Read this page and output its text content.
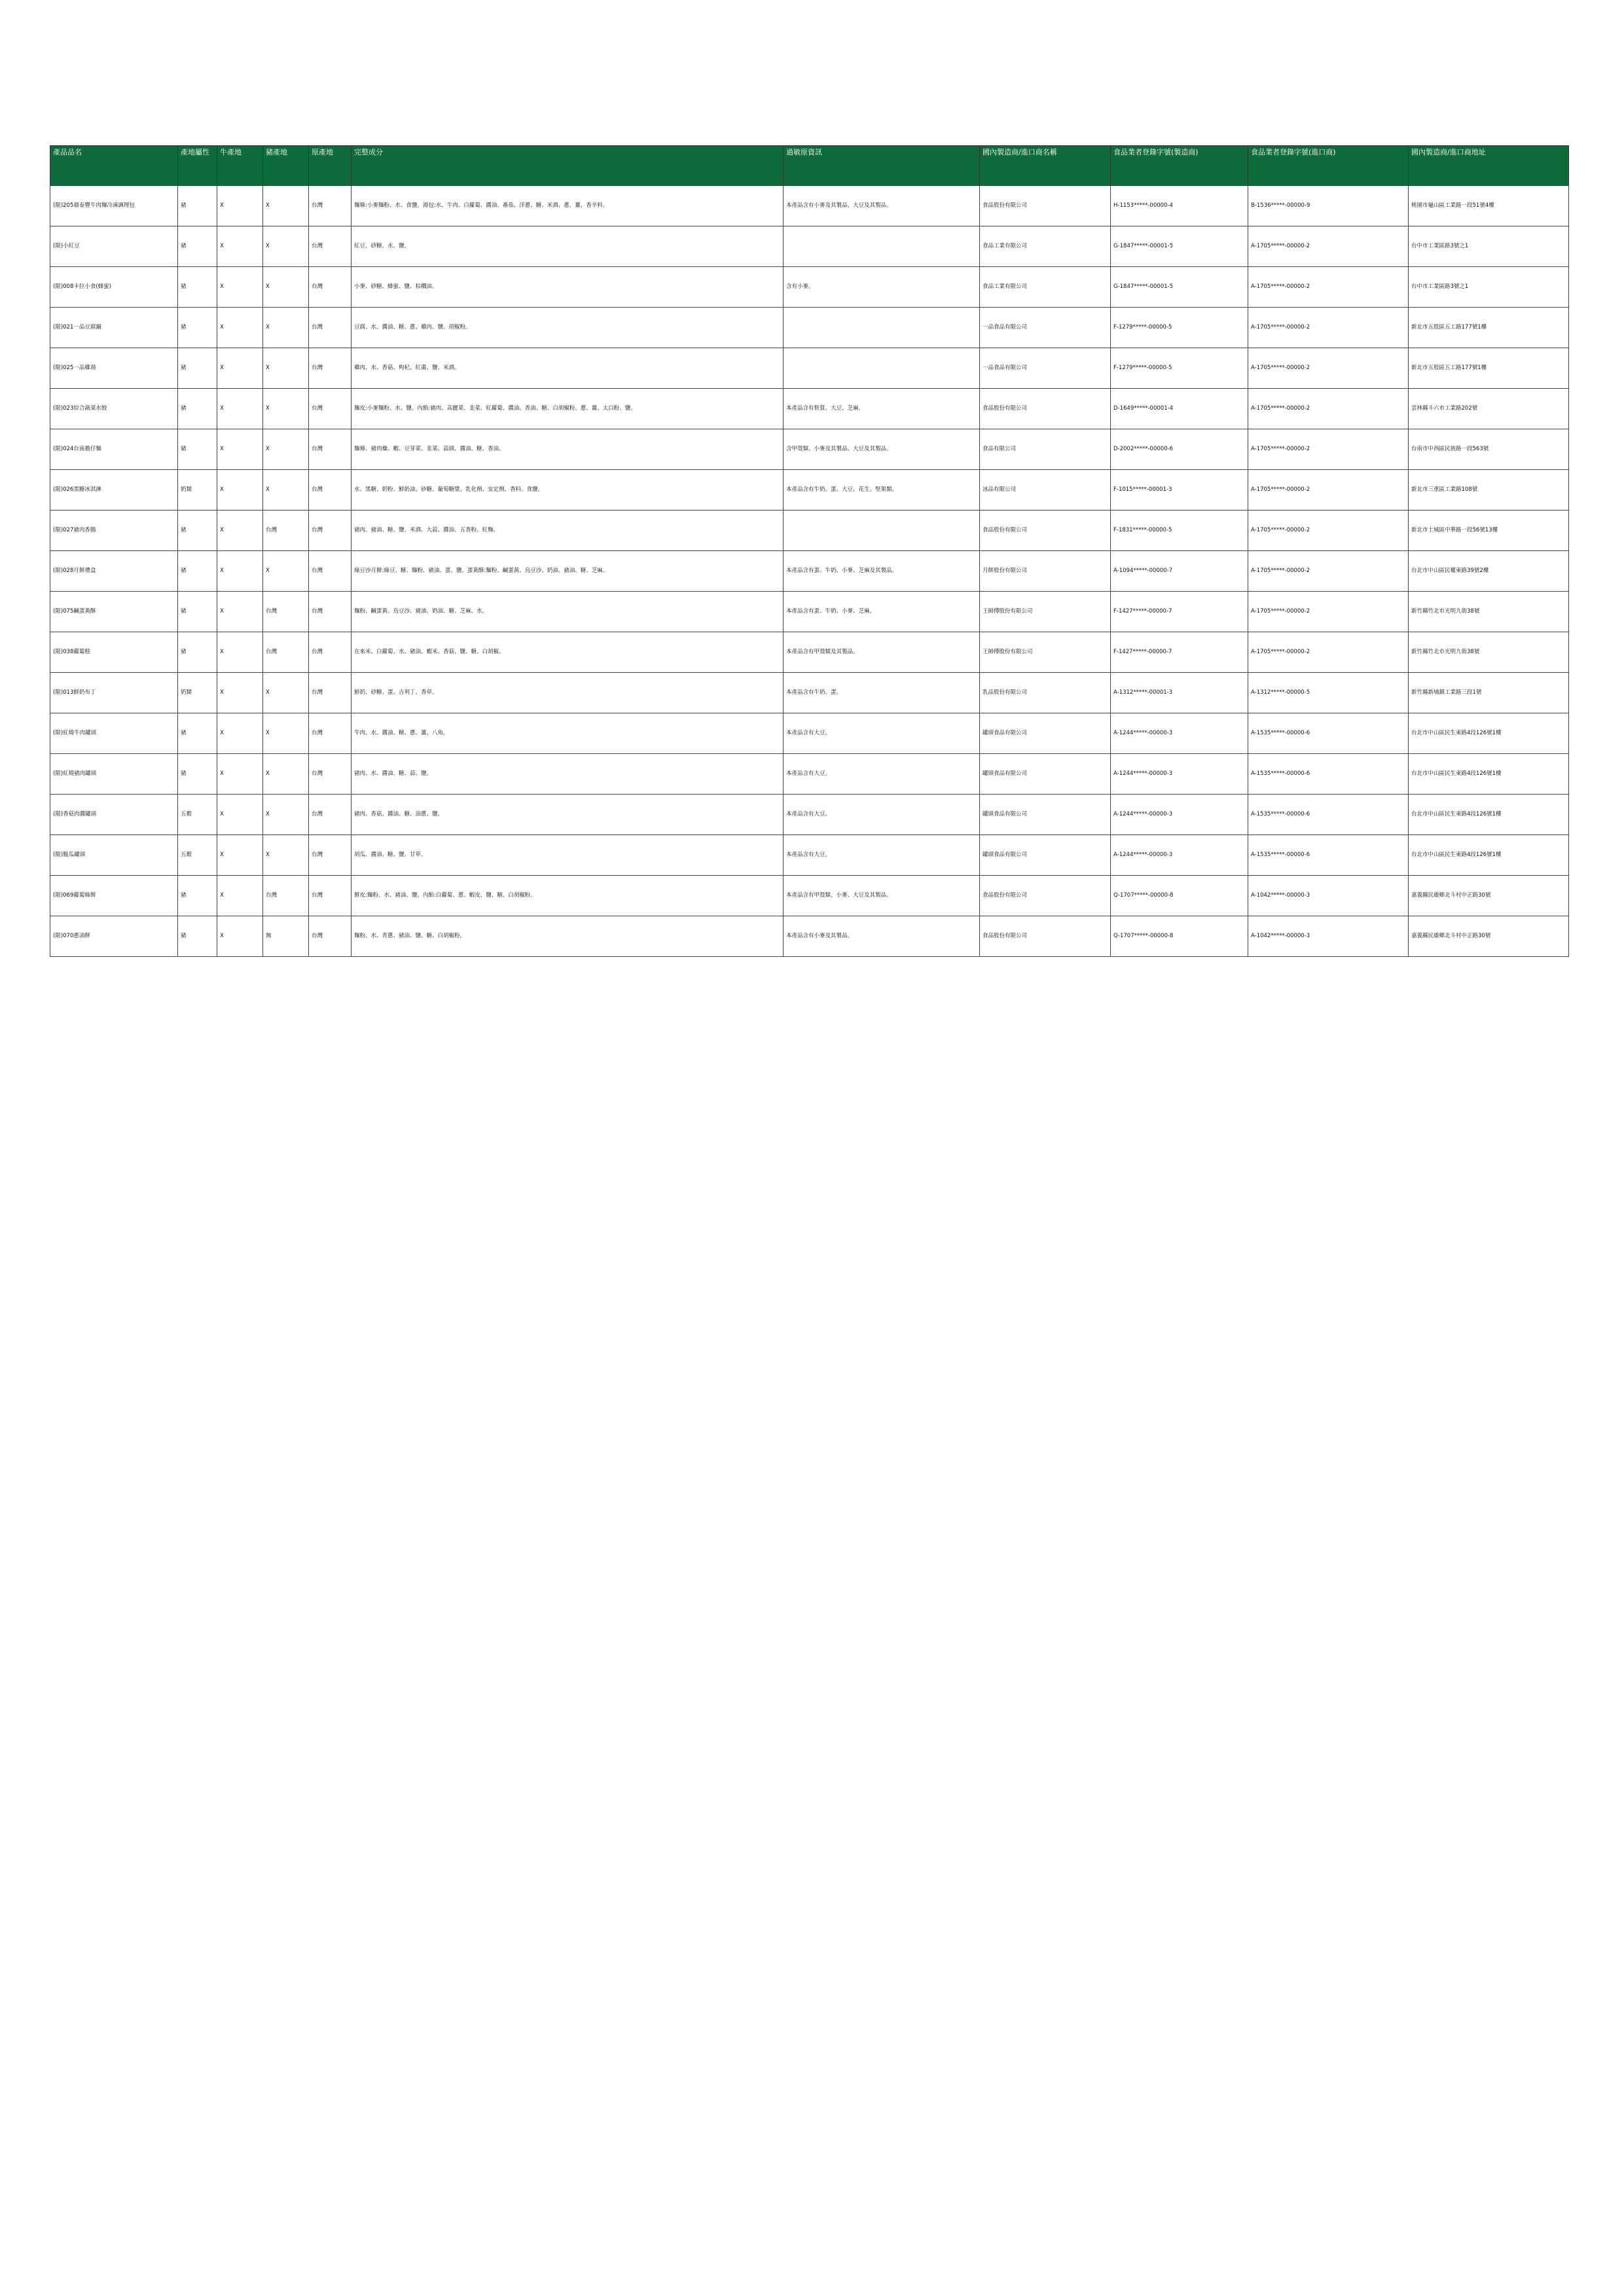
產品品名	產地屬性	牛產地	豬產地	原產地	完整成分	過敏原資訊	國內製造商/進口商名稱	食品業者登錄字號(製造商)	食品業者登錄字號(進口商)	國內製造商/進口商地址
(限)205鼎泰豐牛肉麵冷凍調理包	豬	X	X	台灣	麵條:小麥麵粉、水、食鹽。湯包:水、牛肉、白蘿蔔、醬油、番茄、洋蔥、糖、米酒、蔥、薑、香辛料。	本產品含有小麥及其製品、大豆及其製品。	食品股份有限公司	H-1153*****-00000-4	B-1536*****-00000-9	桃園市龜山區工業路一段51號4樓
(限)小紅豆	豬	X	X	台灣	紅豆、砂糖、水、鹽。		食品工業有限公司	G-1847*****-00001-5	A-1705*****-00000-2	台中市工業區路3號之1
(限)008卡拉小食(蜂蜜)	豬	X	X	台灣	小麥、砂糖、蜂蜜、鹽、棕櫚油。	含有小麥。	食品工業有限公司	G-1847*****-00001-5	A-1705*****-00000-2	台中市工業區路3號之1
(限)021一品豆腐鍋	豬	X	X	台灣	豆腐、水、醬油、糖、蔥、雞肉、鹽、胡椒粉。		一品食品有限公司	F-1279*****-00000-5	A-1705*****-00000-2	新北市五股區五工路177號1樓
(限)025一品雞湯	豬	X	X	台灣	雞肉、水、香菇、枸杞、紅棗、鹽、米酒。		一品食品有限公司	F-1279*****-00000-5	A-1705*****-00000-2	新北市五股區五工路177號1樓
(限)023綜合蔬菜水餃	豬	X	X	台灣	麵皮:小麥麵粉、水、鹽。內餡:豬肉、高麗菜、韭菜、紅蘿蔔、醬油、香油、糖、白胡椒粉、蔥、薑、太白粉、鹽。	本產品含有麩質、大豆、芝麻。	食品股份有限公司	D-1649*****-00001-4	A-1705*****-00000-2	雲林縣斗六市工業路202號
(限)024台南擔仔麵	豬	X	X	台灣	麵條、豬肉燥、蝦、豆芽菜、韭菜、蒜頭、醬油、糖、香油。	含甲殼類、小麥及其製品、大豆及其製品。	食品有限公司	D-2002*****-00000-6	A-1705*****-00000-2	台南市中西區民族路一段563號
(限)026黑糖冰淇淋	奶類	X	X	台灣	水、黑糖、奶粉、鮮奶油、砂糖、葡萄糖漿、乳化劑、安定劑、香料、食鹽。	本產品含有牛奶、蛋、大豆、花生、堅果類。	冰品有限公司	F-1015*****-00001-3	A-1705*****-00000-2	新北市三重區工業路108號
(限)027豬肉香腸	豬	X	台灣	台灣	豬肉、豬油、糖、鹽、米酒、大蒜、醬油、五香粉、紅麴。		食品股份有限公司	F-1831*****-00000-5	A-1705*****-00000-2	新北市土城區中華路一段56號13樓
(限)028月餅禮盒	豬	X	X	台灣	綠豆沙月餅:綠豆、糖、麵粉、豬油、蛋、鹽。蛋黃酥:麵粉、鹹蛋黃、烏豆沙、奶油、豬油、糖、芝麻。	本產品含有蛋、牛奶、小麥、芝麻及其製品。	月餅股份有限公司	A-1094*****-00000-7	A-1705*****-00000-2	台北市中山區民權東路39號2樓
(限)075鹹蛋黃酥	豬	X	台灣	台灣	麵粉、鹹蛋黃、烏豆沙、豬油、奶油、糖、芝麻、水。	本產品含有蛋、牛奶、小麥、芝麻。	王師傅股份有限公司	F-1427*****-00000-7	A-1705*****-00000-2	新竹縣竹北市光明九街38號
(限)038蘿蔔糕	豬	X	台灣	台灣	在來米、白蘿蔔、水、豬油、蝦米、香菇、鹽、糖、白胡椒。	本產品含有甲殼類及其製品。	王師傅股份有限公司	F-1427*****-00000-7	A-1705*****-00000-2	新竹縣竹北市光明九街38號
(限)013鮮奶布丁	奶類	X	X	台灣	鮮奶、砂糖、蛋、吉利丁、香草。	本產品含有牛奶、蛋。	乳品股份有限公司	A-1312*****-00001-3	A-1312*****-00000-5	新竹縣新埔鎮工業路三段1號
(限)紅燒牛肉罐頭	豬	X	X	台灣	牛肉、水、醬油、糖、蔥、薑、八角。	本產品含有大豆。	罐頭食品有限公司	A-1244*****-00000-3	A-1535*****-00000-6	台北市中山區民生東路4段126號1樓
(限)紅燒豬肉罐頭	豬	X	X	台灣	豬肉、水、醬油、糖、蒜、鹽。	本產品含有大豆。	罐頭食品有限公司	A-1244*****-00000-3	A-1535*****-00000-6	台北市中山區民生東路4段126號1樓
(限)香菇肉醬罐頭	五穀	X	X	台灣	豬肉、香菇、醬油、糖、油蔥、鹽。	本產品含有大豆。	罐頭食品有限公司	A-1244*****-00000-3	A-1535*****-00000-6	台北市中山區民生東路4段126號1樓
(限)脆瓜罐頭	五穀	X	X	台灣	胡瓜、醬油、糖、鹽、甘草。	本產品含有大豆。	罐頭食品有限公司	A-1244*****-00000-3	A-1535*****-00000-6	台北市中山區民生東路4段126號1樓
(限)069蘿蔔絲餅	豬	X	台灣	台灣	餅皮:麵粉、水、豬油、鹽。內餡:白蘿蔔、蔥、蝦皮、鹽、糖、白胡椒粉。	本產品含有甲殼類、小麥、大豆及其製品。	食品股份有限公司	Q-1707*****-00000-8	A-1042*****-00000-3	嘉義縣民雄鄉北斗村中正路30號
(限)070蔥油餅	豬	X	無	台灣	麵粉、水、青蔥、豬油、鹽、糖、白胡椒粉。	本產品含有小麥及其製品。	食品股份有限公司	Q-1707*****-00000-8	A-1042*****-00000-3	嘉義縣民雄鄉北斗村中正路30號
